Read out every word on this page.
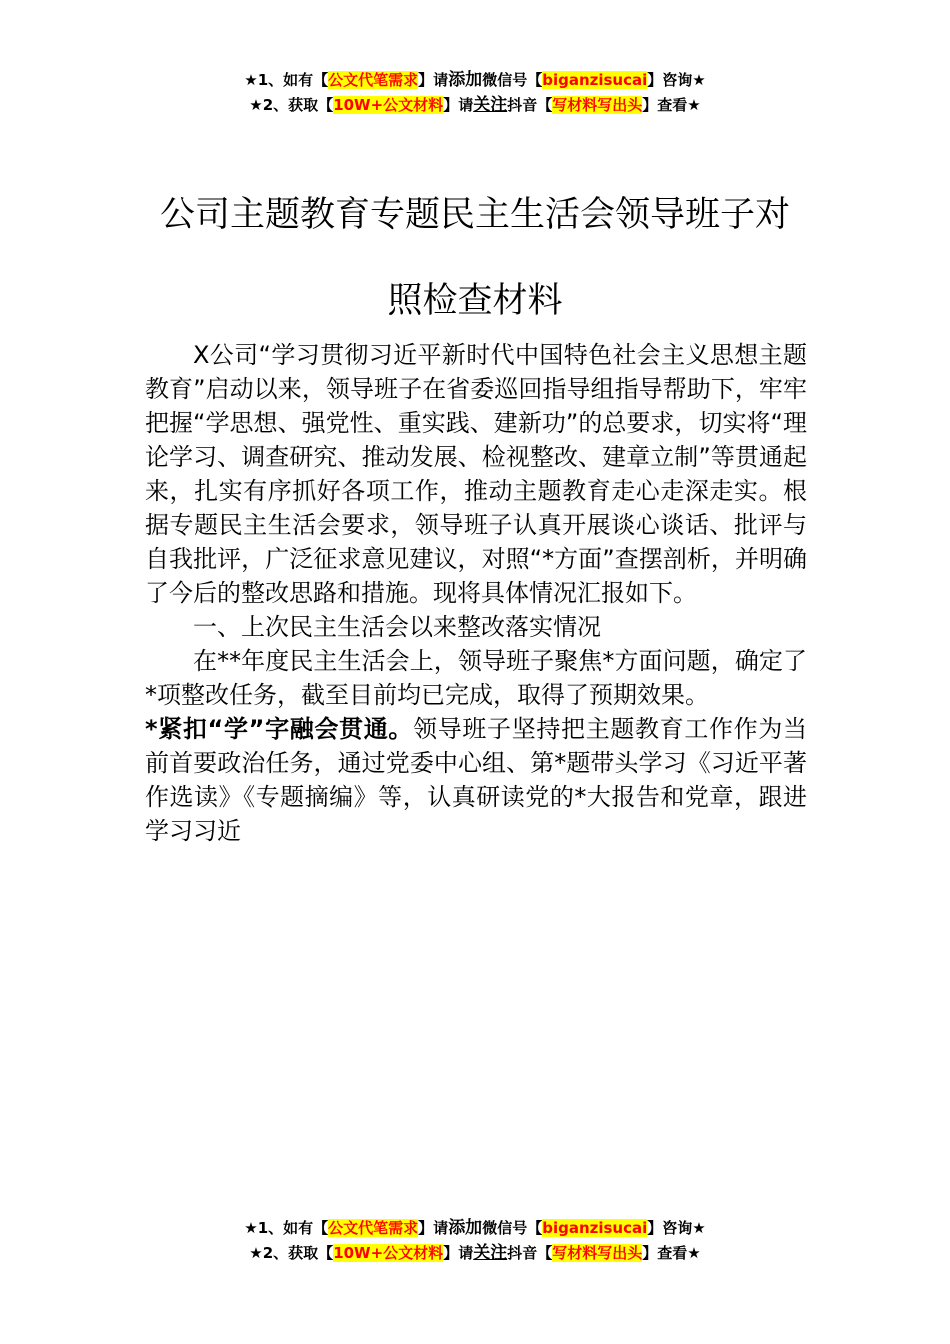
★1、如有【公文代笔需求】请添加微信号【biganzisucai】咨询★
★2、获取【10W+公文材料】请关注抖音【写材料写出头】查看★
公司主题教育专题民主生活会领导班子对
照检查材料

X公司“学习贯彻习近平新时代中国特色社会主义思想主题教育”启动以来，领导班子在省委巡回指导组指导帮助下，牢牢把握“学思想、强党性、重实践、建新功”的总要求，切实将“理论学习、调查研究、推动发展、检视整改、建章立制”等贯通起来，扎实有序抓好各项工作，推动主题教育走心走深走实。根据专题民主生活会要求，领导班子认真开展谈心谈话、批评与自我批评，广泛征求意见建议，对照“*方面”查摆剖析，并明确了今后的整改思路和措施。现将具体情况汇报如下。

一、上次民主生活会以来整改落实情况

在**年度民主生活会上，领导班子聚焦*方面问题，确定了*项整改任务，截至目前均已完成，取得了预期效果。

*紧扣“学”字融会贯通。领导班子坚持把主题教育工作作为当前首要政治任务，通过党委中心组、第*题带头学习《习近平著作选读》《专题摘编》等，认真研读党的*大报告和党章，跟进学习习近

★1、如有【公文代笔需求】请添加微信号【biganzisucai】咨询★
★2、获取【10W+公文材料】请关注抖音【写材料写出头】查看★
